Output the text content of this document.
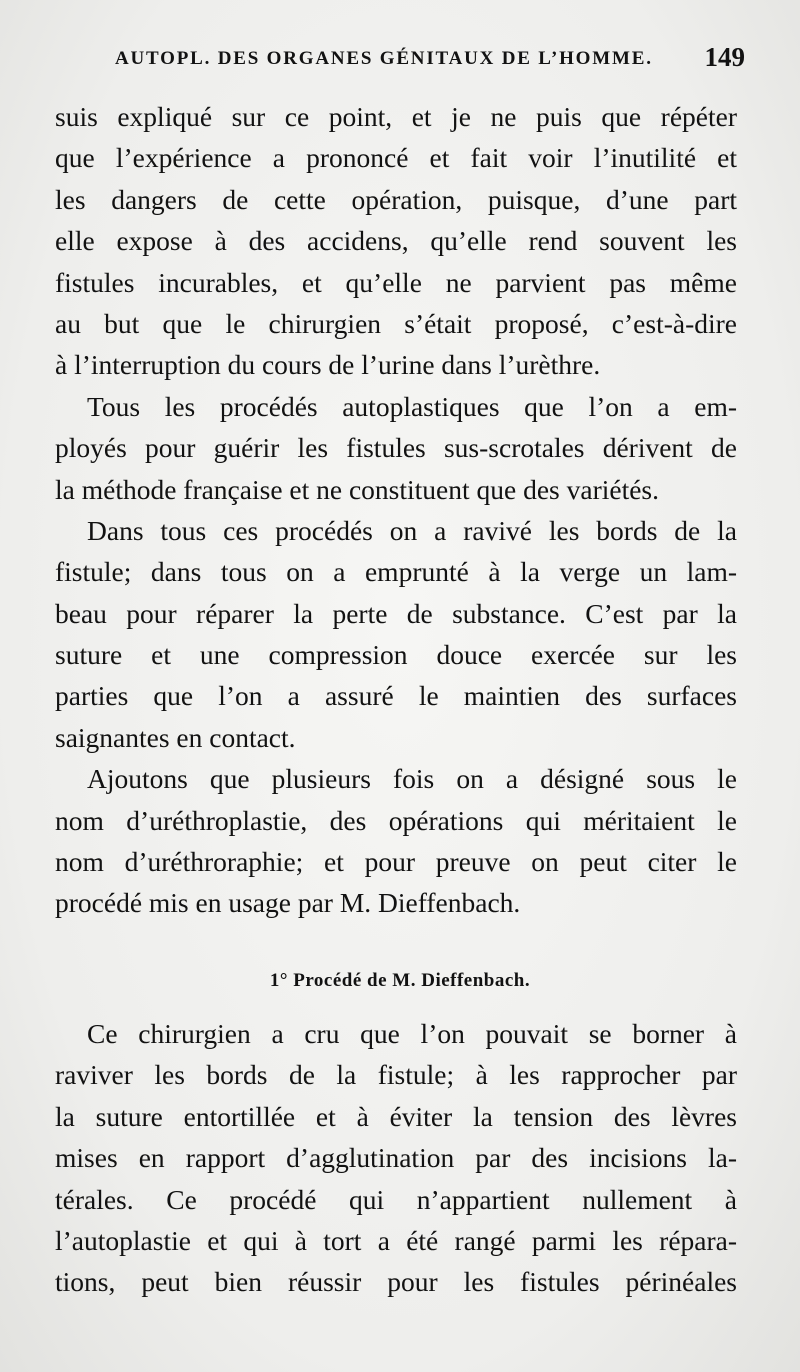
AUTOPL. DES ORGANES GÉNITAUX DE L’HOMME. 149
suis expliqué sur ce point, et je ne puis que répéter
que l’expérience a prononcé et fait voir l’inutilité et
les dangers de cette opération, puisque, d’une part
elle expose à des accidens, qu’elle rend souvent les
fistules incurables, et qu’elle ne parvient pas même
au but que le chirurgien s’était proposé, c’est-à-dire
à l’interruption du cours de l’urine dans l’urèthre.
Tous les procédés autoplastiques que l’on a em-
ployés pour guérir les fistules sus-scrotales dérivent de
la méthode française et ne constituent que des variétés.
Dans tous ces procédés on a ravivé les bords de la
fistule; dans tous on a emprunté à la verge un lam-
beau pour réparer la perte de substance. C’est par la
suture et une compression douce exercée sur les
parties que l’on a assuré le maintien des surfaces
saignantes en contact.
Ajoutons que plusieurs fois on a désigné sous le
nom d’uréthroplastie, des opérations qui méritaient le
nom d’uréthroraphie; et pour preuve on peut citer le
procédé mis en usage par M. Dieffenbach.
1° Procédé de M. Dieffenbach.
Ce chirurgien a cru que l’on pouvait se borner à
raviver les bords de la fistule; à les rapprocher par
la suture entortillée et à éviter la tension des lèvres
mises en rapport d’agglutination par des incisions la-
térales. Ce procédé qui n’appartient nullement à
l’autoplastie et qui à tort a été rangé parmi les répara-
tions, peut bien réussir pour les fistules périnéales
